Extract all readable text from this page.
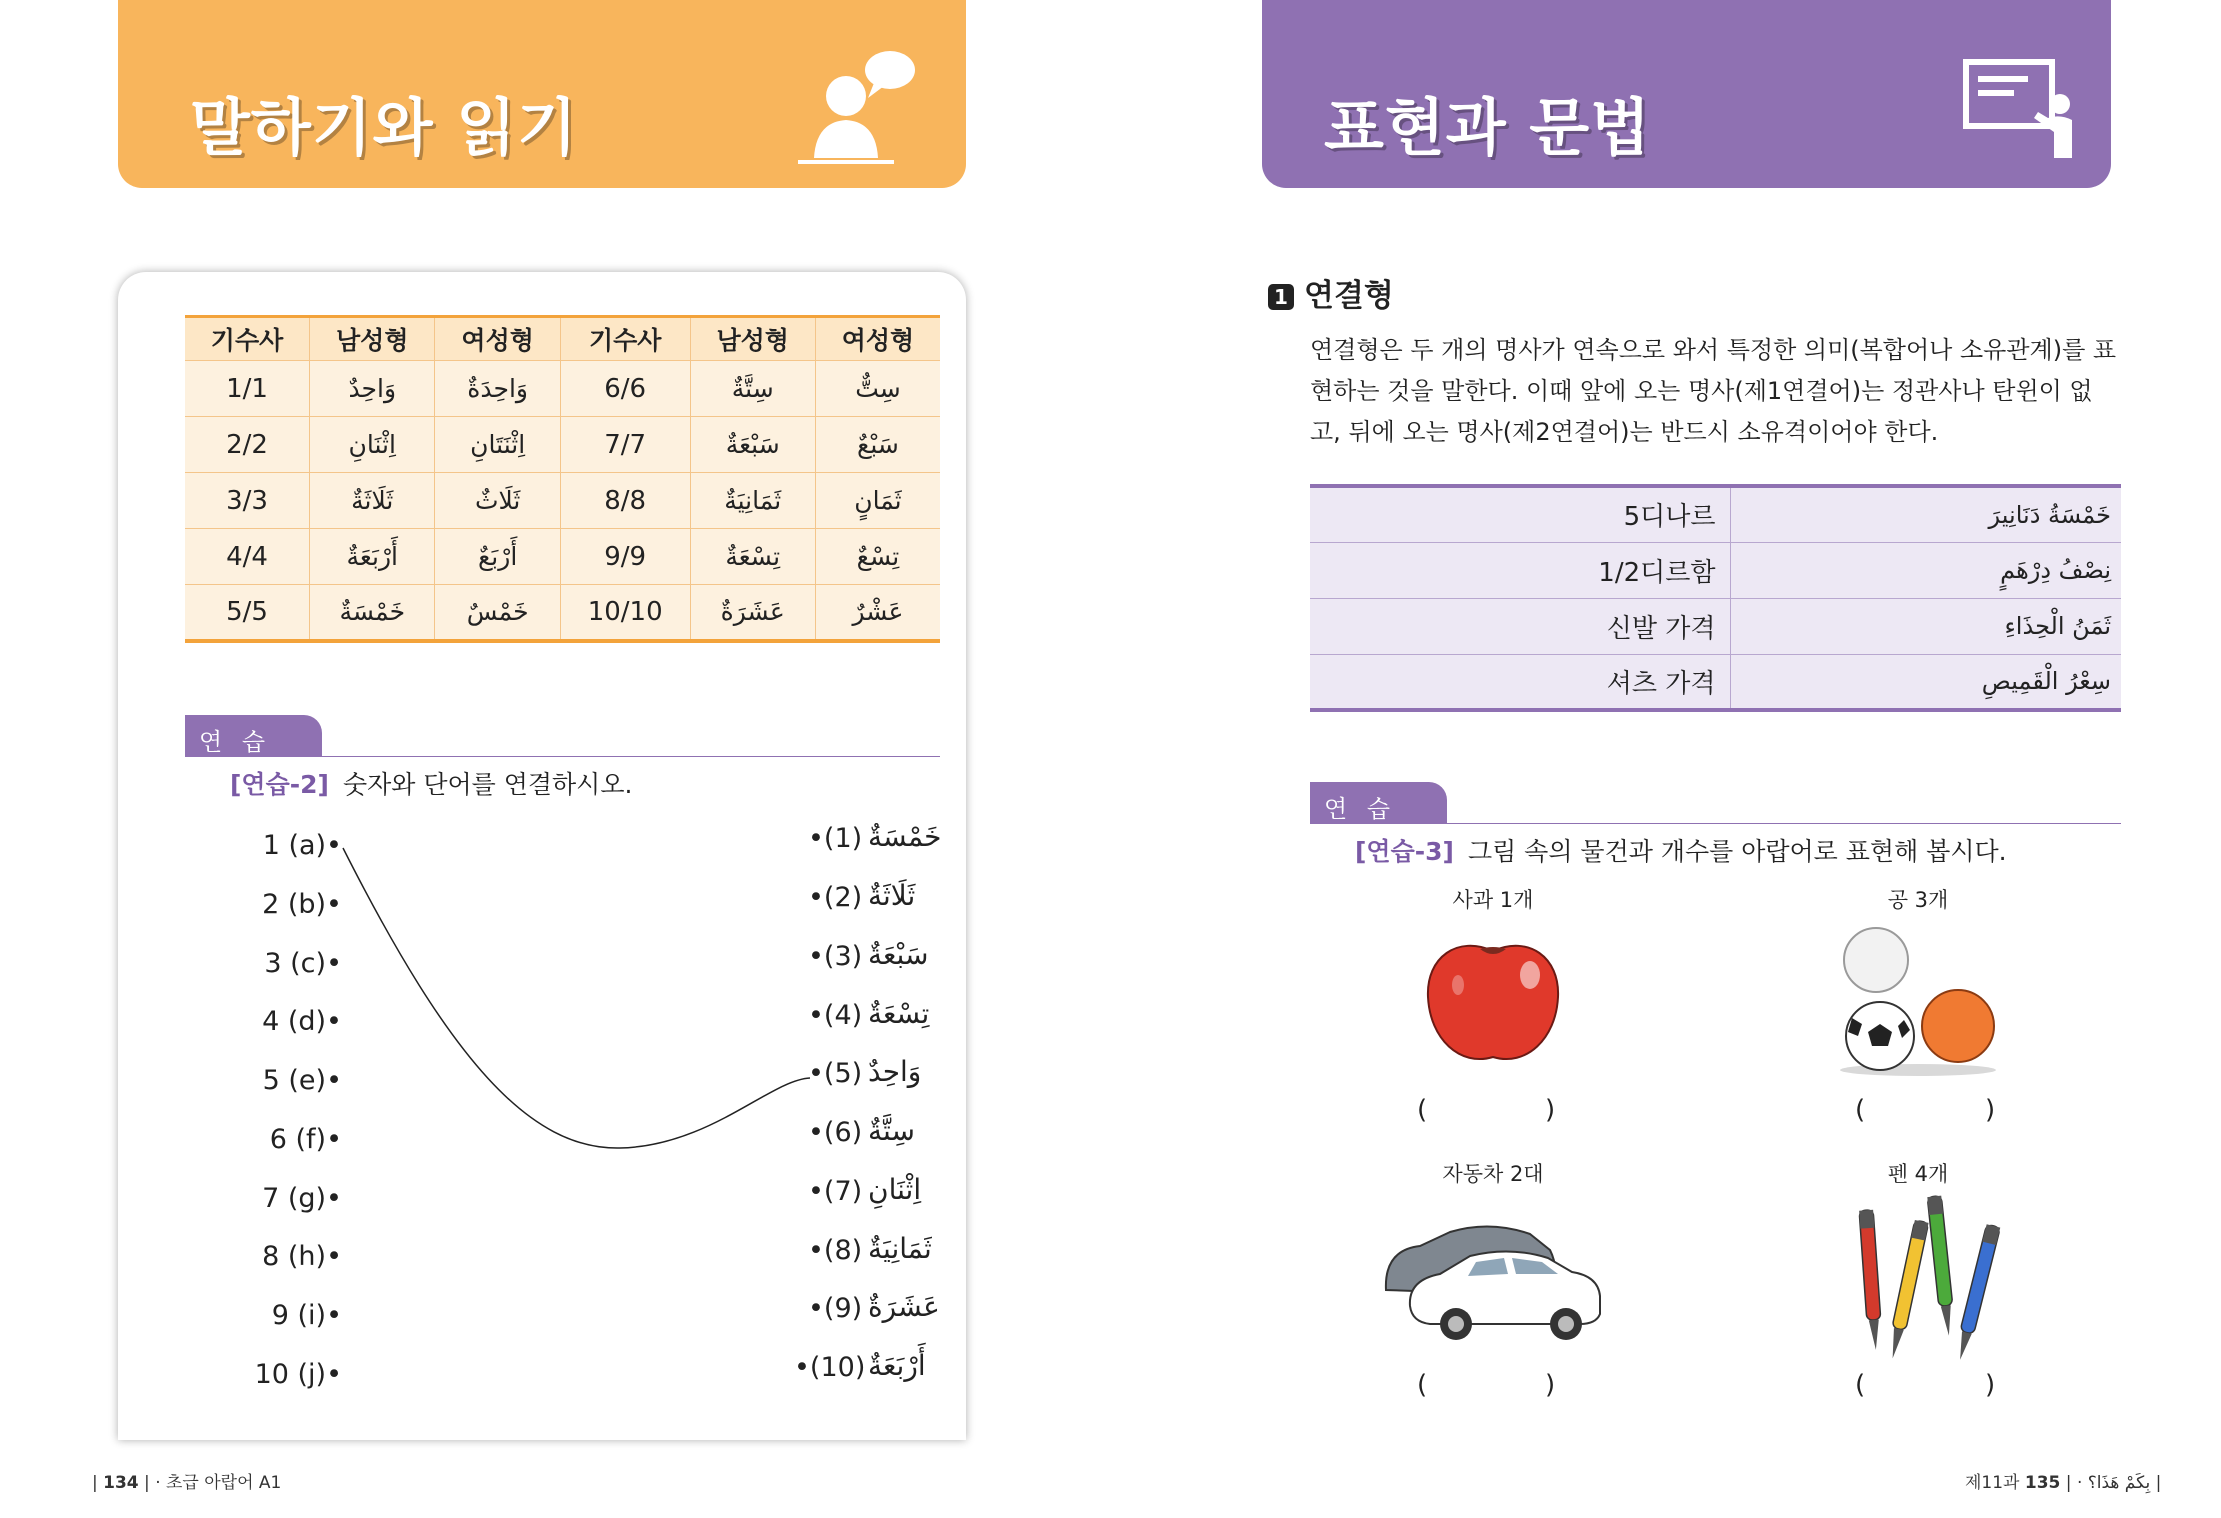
말하기와 읽기
기수사	남성형	여성형	기수사	남성형	여성형
1/1	وَاحِدٌ	وَاحِدَةٌ	6/6	سِتَّةٌ	سِتٌّ
2/2	اِثْنَانِ	اِثْنَتَانِ	7/7	سَبْعَةٌ	سَبْعٌ
3/3	ثَلَاثَةٌ	ثَلَاثٌ	8/8	ثَمَانِيَةٌ	ثَمَانٍ
4/4	أَرْبَعَةٌ	أَرْبَعٌ	9/9	تِسْعَةٌ	تِسْعٌ
5/5	خَمْسَةٌ	خَمْسٌ	10/10	عَشَرَةٌ	عَشْرٌ
연 습
[연습-2] 숫자와 단어를 연결하시오.
1 (a)•
2 (b)•
3 (c)•
4 (d)•
5 (e)•
6 (f)•
7 (g)•
8 (h)•
9 (i)•
10 (j)•
•(1)
•(2)
•(3)
•(4)
•(5)
•(6)
•(7)
•(8)
•(9)
•(10)
خَمْسَةٌ
ثَلَاثَةٌ
سَبْعَةٌ
تِسْعَةٌ
وَاحِدٌ
سِتَّةٌ
اِثْنَانِ
ثَمَانِيَةٌ
عَشَرَةٌ
أَرْبَعَةٌ
| 134 | · 초급 아랍어 A1
표현과 문법
1 연결형
연결형은 두 개의 명사가 연속으로 와서 특정한 의미(복합어나 소유관계)를 표현하는 것을 말한다. 이때 앞에 오는 명사(제1연결어)는 정관사나 탄윈이 없고, 뒤에 오는 명사(제2연결어)는 반드시 소유격이어야 한다.
5디나르	خَمْسَةُ دَنَانِيرَ
1/2디르함	نِصْفُ دِرْهَمٍ
신발 가격	ثَمَنُ الْحِذَاءِ
셔츠 가격	سِعْرُ الْقَمِيصِ
연 습
[연습-3] 그림 속의 물건과 개수를 아랍어로 표현해 봅시다.
사과 1개
(	)
공 3개
(	)
자동차 2대
(	)
펜 4개
(	)
제11과 بِكَمْ هَذَا؟ · | 135	|
